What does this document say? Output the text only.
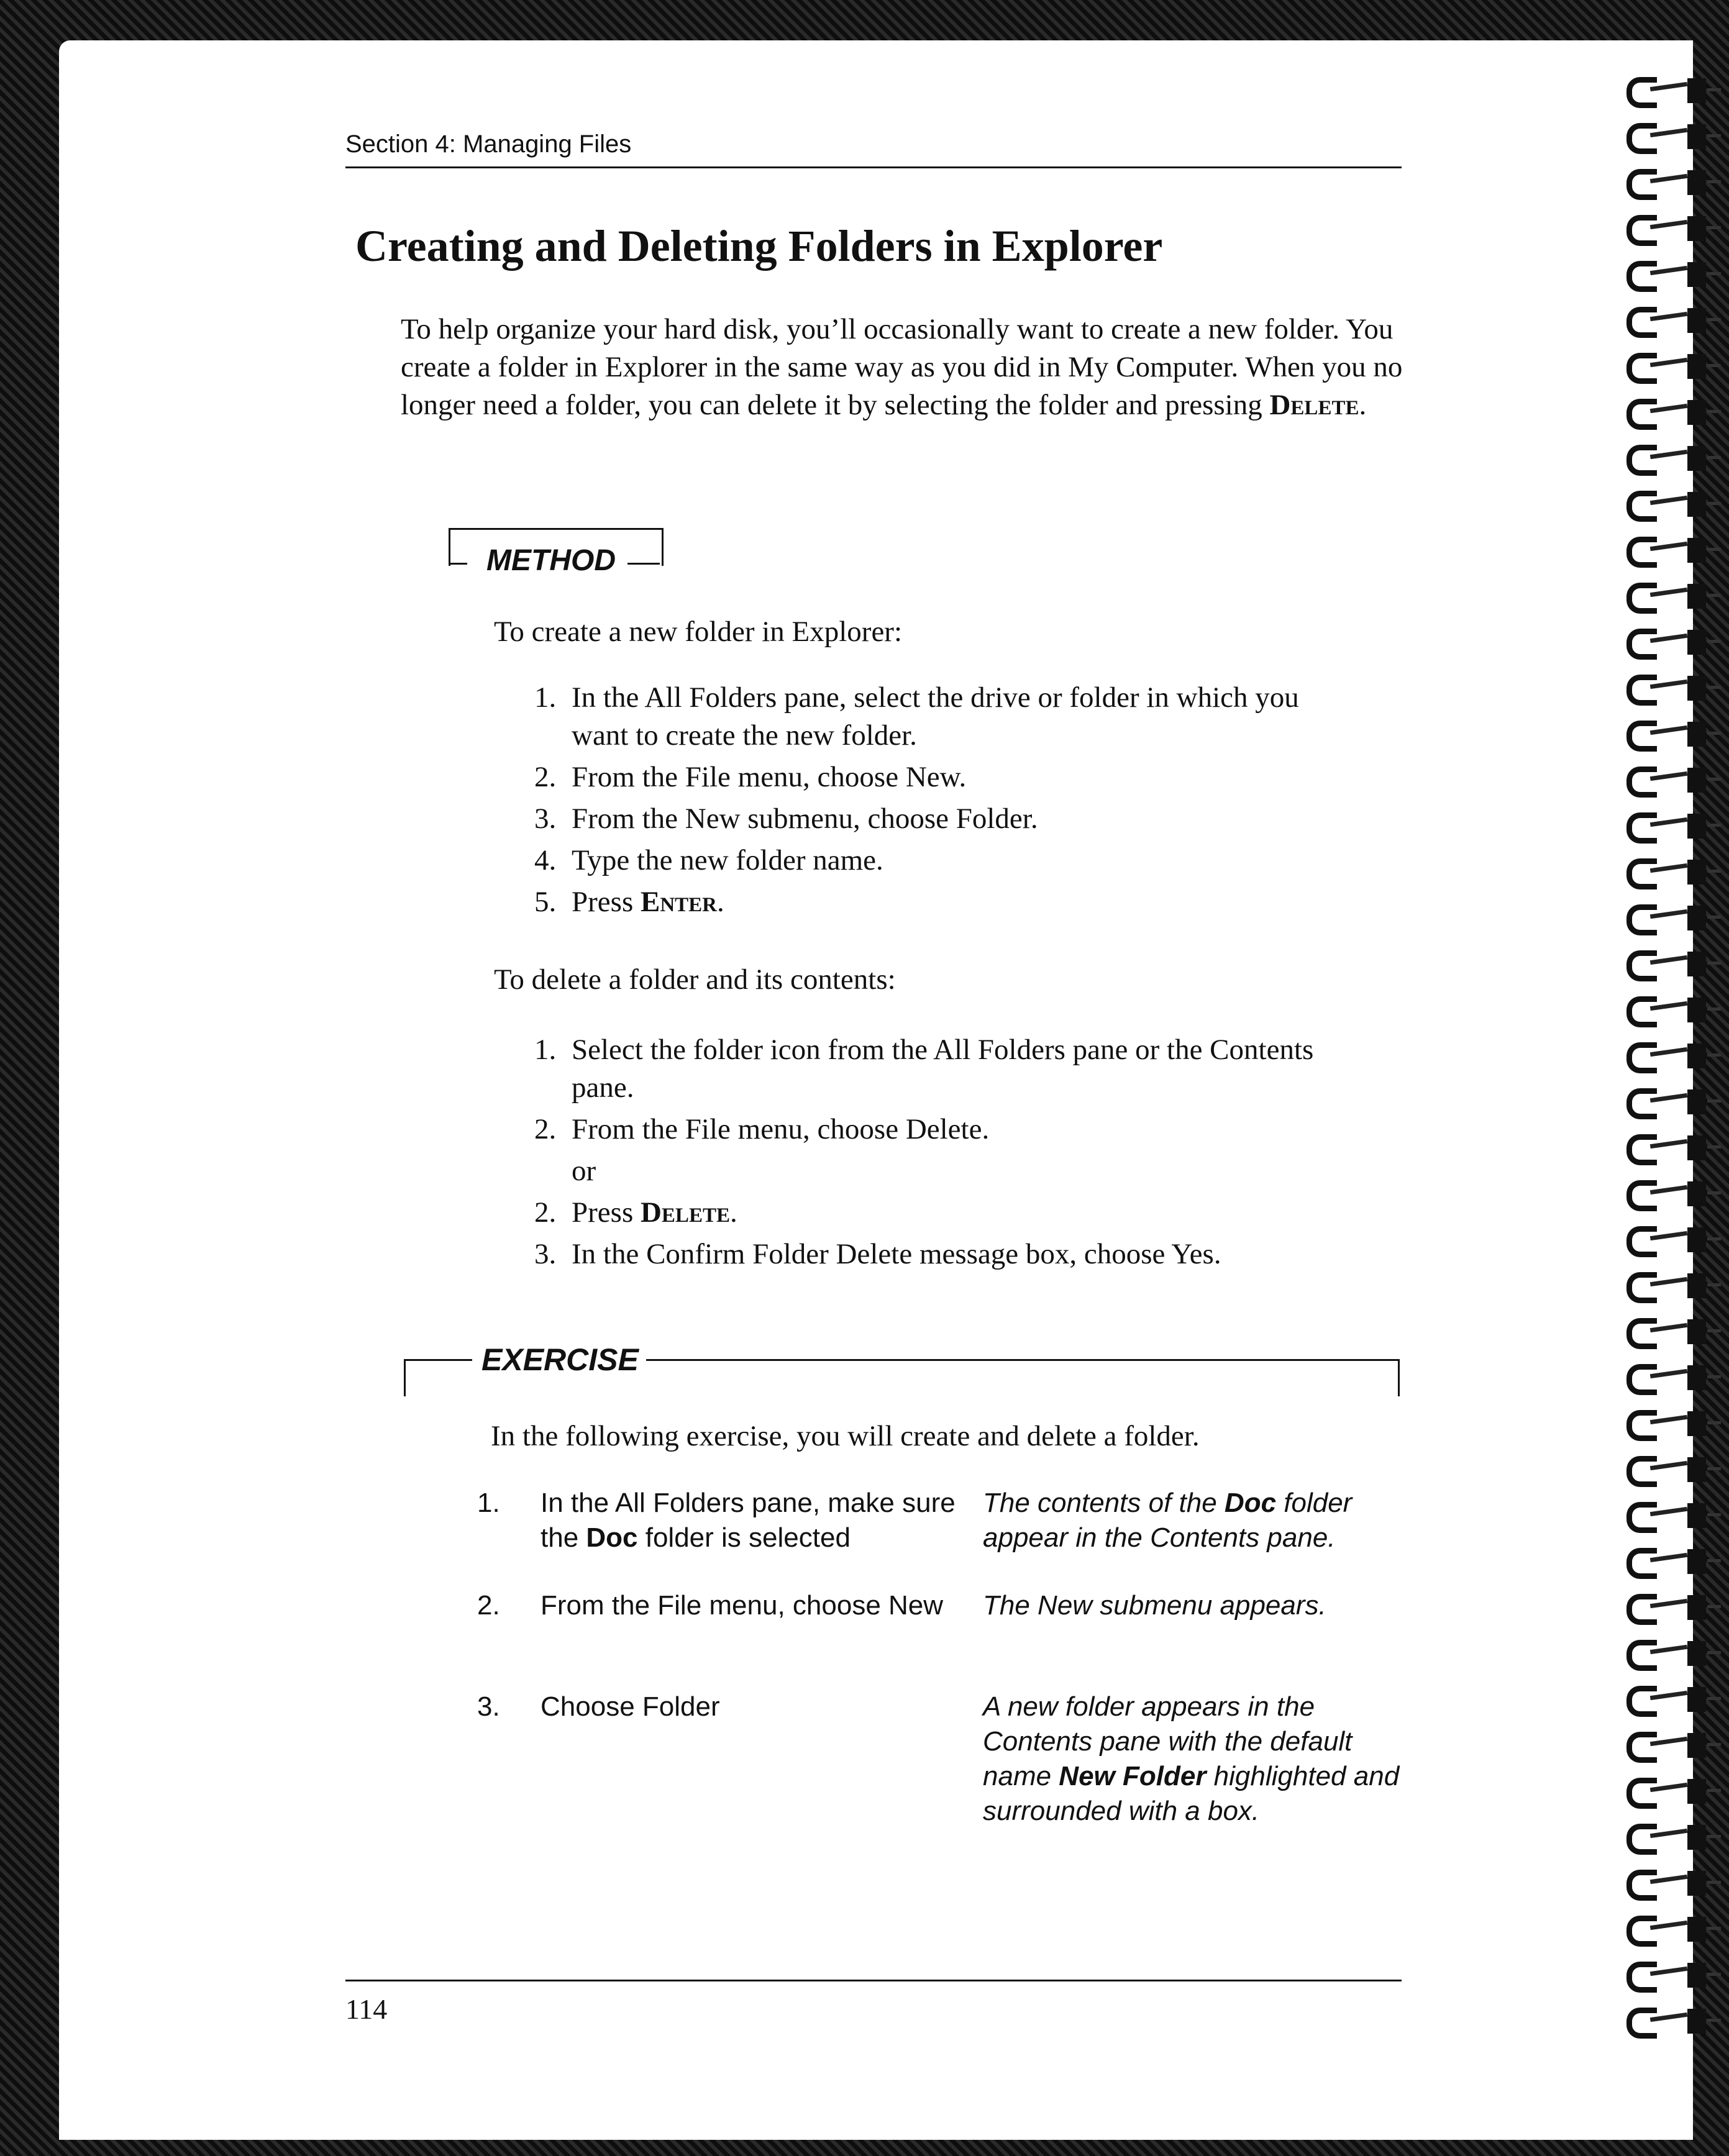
Section 4: Managing Files

Creating and Deleting Folders in Explorer

To help organize your hard disk, you’ll occasionally want to create a new folder. You create a folder in Explorer in the same way as you did in My Computer. When you no longer need a folder, you can delete it by selecting the folder and pressing Delete.

METHOD

To create a new folder in Explorer:

1. In the All Folders pane, select the drive or folder in which you
want to create the new folder.
2. From the File menu, choose New.
3. From the New submenu, choose Folder.
4. Type the new folder name.
5. Press Enter.

To delete a folder and its contents:

1. Select the folder icon from the All Folders pane or the Contents
pane.
2. From the File menu, choose Delete.
or
2. Press Delete.
3. In the Confirm Folder Delete message box, choose Yes.

EXERCISE

In the following exercise, you will create and delete a folder.

1. In the All Folders pane, make sure the Doc folder is selected
The contents of the Doc folder appear in the Contents pane.
2. From the File menu, choose New	The New submenu appears.
3. Choose Folder	A new folder appears in the Contents pane with the default name New Folder highlighted and surrounded with a box.

114
